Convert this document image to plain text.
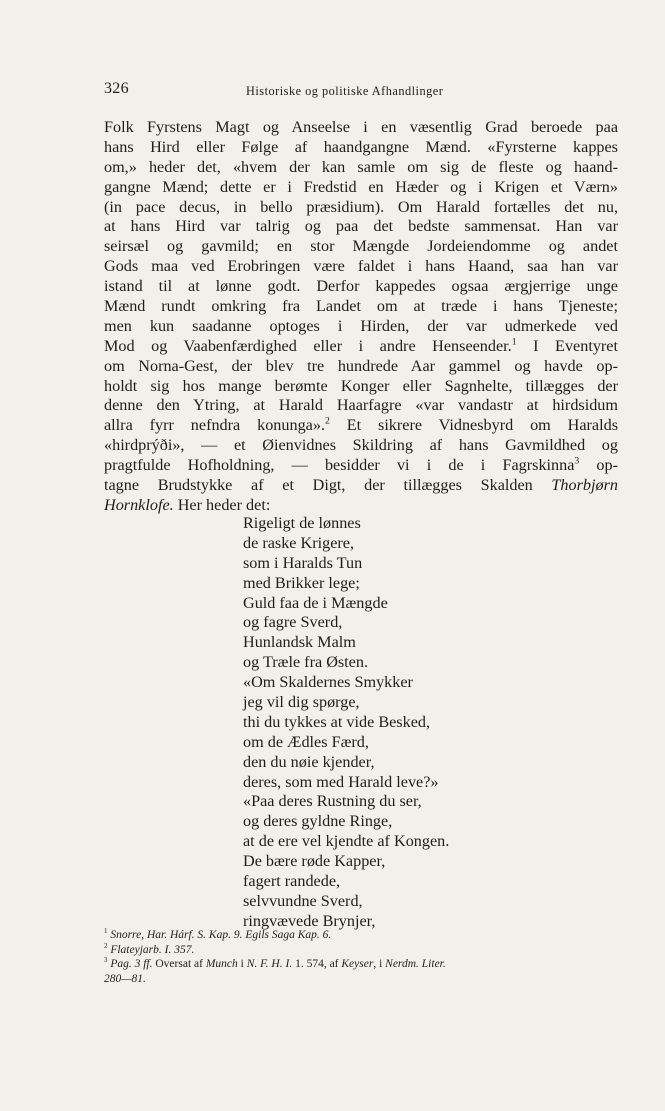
326	Historiske og politiske Afhandlinger
Folk Fyrstens Magt og Anseelse i en væsentlig Grad beroede paa
hans Hird eller Følge af haandgangne Mænd. «Fyrsterne kappes
om,» heder det, «hvem der kan samle om sig de fleste og haand-
gangne Mænd; dette er i Fredstid en Hæder og i Krigen et Værn»
(in pace decus, in bello præsidium). Om Harald fortælles det nu,
at hans Hird var talrig og paa det bedste sammensat. Han var
seirsæl og gavmild; en stor Mængde Jordeiendomme og andet
Gods maa ved Erobringen være faldet i hans Haand, saa han var
istand til at lønne godt. Derfor kappedes ogsaa ærgjerrige unge
Mænd rundt omkring fra Landet om at træde i hans Tjeneste;
men kun saadanne optoges i Hirden, der var udmerkede ved
Mod og Vaabenfærdighed eller i andre Henseender.$^1$ I Eventyret
om Norna-Gest, der blev tre hundrede Aar gammel og havde op-
holdt sig hos mange berømte Konger eller Sagnhelte, tillægges der
denne den Ytring, at Harald Haarfagre «var vandastr at hirdsidum
allra fyrr nefndra konunga».$^2$ Et sikrere Vidnesbyrd om Haralds
«hirdprýði», — et Øienvidnes Skildring af hans Gavmildhed og
pragtfulde Hofholdning, — besidder vi i de i Fagrskinna$^3$ op-
tagne Brudstykke af et Digt, der tillægges Skalden Thorbjørn
Hornklofe. Her heder det:
Rigeligt de lønnes
de raske Krigere,
som i Haralds Tun
med Brikker lege;
Guld faa de i Mængde
og fagre Sverd,
Hunlandsk Malm
og Træle fra Østen.
«Om Skaldernes Smykker
jeg vil dig spørge,
thi du tykkes at vide Besked,
om de Ædles Færd,
den du nøie kjender,
deres, som med Harald leve?»
«Paa deres Rustning du ser,
og deres gyldne Ringe,
at de ere vel kjendte af Kongen.
De bære røde Kapper,
fagert randede,
selvvundne Sverd,
ringvævede Brynjer,
$^1$ Snorre, Har. Hárf. S. Kap. 9. Egils Saga Kap. 6.
$^2$ Flateyjarb. I. 357.
$^3$ Pag. 3 ff. Oversat af Munch i N. F. H. I. 1. 574, af Keyser, i Nerdm. Liter.
280—81.
